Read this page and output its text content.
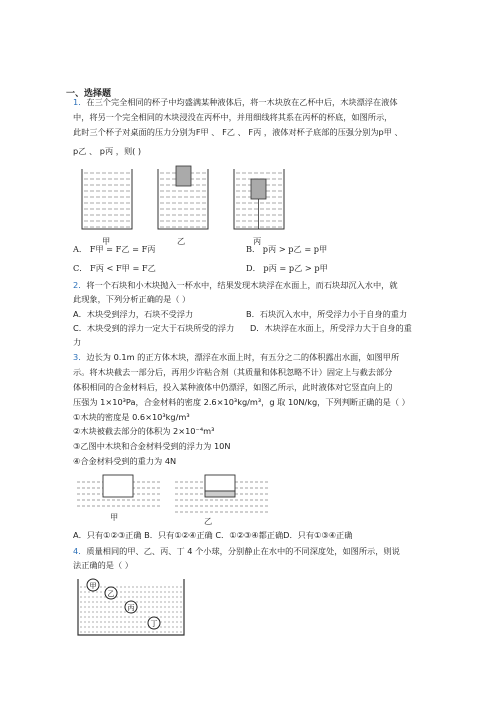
一、选择题
1．在三个完全相同的杯子中均盛满某种液体后，将一木块放在乙杯中后，木块漂浮在液体
中，将另一个完全相同的木块浸没在丙杯中，并用细线将其系在丙杯的杯底，如图所示，
此时三个杯子对桌面的压力分别为F甲 、 F乙 、 F丙 ，液体对杯子底部的压强分别为p甲 、
p乙 、 p丙 ，则( )
甲	乙	丙
A． F甲 = F乙 = F丙	B． p丙 > p乙 = p甲
C． F丙 < F甲 = F乙	D． p丙 = p乙 > p甲
2．将一个石块和小木块抛入一杯水中，结果发现木块浮在水面上，而石块却沉入水中，就
此现象，下列分析正确的是（ ）
A．木块受到浮力，石块不受浮力	B．石块沉入水中，所受浮力小于自身的重力
C．木块受到的浮力一定大于石块所受的浮力 D．木块浮在水面上，所受浮力大于自身的重
力
3．边长为 0.1m 的正方体木块，漂浮在水面上时，有五分之二的体积露出水面，如图甲所
示。将木块截去一部分后，再用少许粘合剂（其质量和体积忽略不计）固定上与截去部分
体积相同的合金材料后，投入某种液体中仍漂浮，如图乙所示，此时液体对它竖直向上的
压强为 1×10³Pa，合金材料的密度 2.6×10³kg/m³，g 取 10N/kg，下列判断正确的是（ ）
①木块的密度是 0.6×10³kg/m³
②木块被截去部分的体积为 2×10⁻⁴m³
③乙图中木块和合金材料受到的浮力为 10N
④合金材料受到的重力为 4N
甲	乙
A．只有①②③正确 B．只有①②④正确 C．①②③④都正确D．只有①③④正确
4．质量相同的甲、乙、丙、丁 4 个小球，分别静止在水中的不同深度处，如图所示，则说
法正确的是（ ）
甲
乙
丙
丁
